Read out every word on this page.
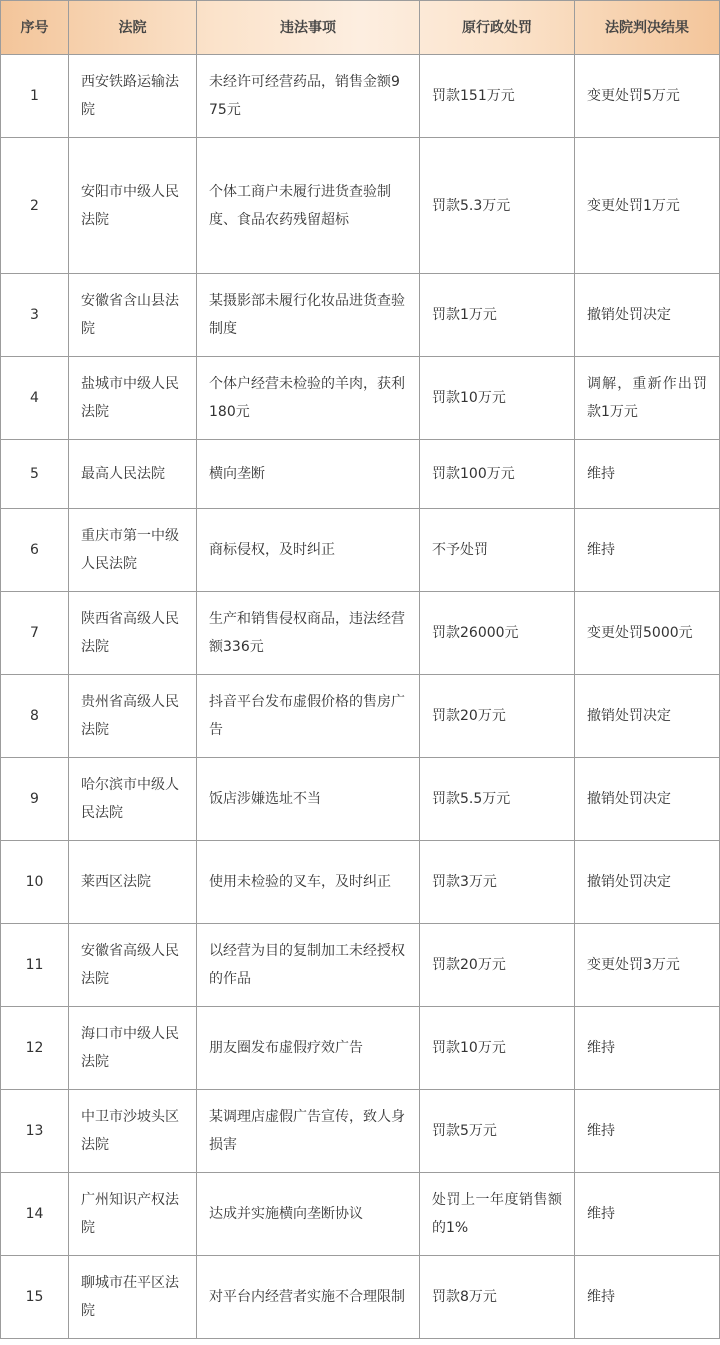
序号	法院	违法事项	原行政处罚	法院判决结果
1	西安铁路运输法院	未经许可经营药品，销售金额975元	罚款151万元	变更处罚5万元
2	安阳市中级人民法院	个体工商户未履行进货查验制度、食品农药残留超标	罚款5.3万元	变更处罚1万元
3	安徽省含山县法院	某摄影部未履行化妆品进货查验制度	罚款1万元	撤销处罚决定
4	盐城市中级人民法院	个体户经营未检验的羊肉，获利180元	罚款10万元	调解，重新作出罚款1万元
5	最高人民法院	横向垄断	罚款100万元	维持
6	重庆市第一中级人民法院	商标侵权，及时纠正	不予处罚	维持
7	陕西省高级人民法院	生产和销售侵权商品，违法经营额336元	罚款26000元	变更处罚5000元
8	贵州省高级人民法院	抖音平台发布虚假价格的售房广告	罚款20万元	撤销处罚决定
9	哈尔滨市中级人民法院	饭店涉嫌选址不当	罚款5.5万元	撤销处罚决定
10	莱西区法院	使用未检验的叉车，及时纠正	罚款3万元	撤销处罚决定
11	安徽省高级人民法院	以经营为目的复制加工未经授权的作品	罚款20万元	变更处罚3万元
12	海口市中级人民法院	朋友圈发布虚假疗效广告	罚款10万元	维持
13	中卫市沙坡头区法院	某调理店虚假广告宣传，致人身损害	罚款5万元	维持
14	广州知识产权法院	达成并实施横向垄断协议	处罚上一年度销售额的1%	维持
15	聊城市茌平区法院	对平台内经营者实施不合理限制	罚款8万元	维持
